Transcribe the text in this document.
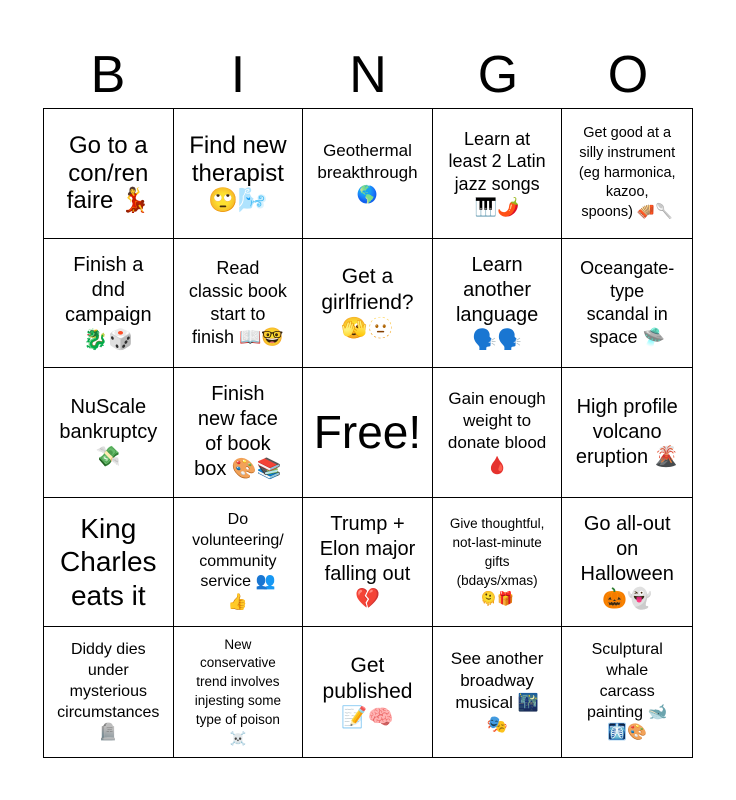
B	I	N	G	O
Go to a
con/ren
faire 💃
Find new
therapist
🙄🌬️
Geothermal
breakthrough
🌎
Learn at
least 2 Latin
jazz songs
🎹🌶️
Get good at a
silly instrument
(eg harmonica,
kazoo,
spoons) 🪗🥄
Finish a
dnd
campaign
🐉🎲
Read
classic book
start to
finish 📖🤓
Get a
girlfriend?
🫣🫥
Learn
another
language
🗣️🗣️
Oceangate-
type
scandal in
space 🛸
NuScale
bankruptcy
💸
Finish
new face
of book
box 🎨📚
Free!
Gain enough
weight to
donate blood
🩸
High profile
volcano
eruption 🌋
King
Charles
eats it
Do
volunteering/
community
service 👥
👍
Trump +
Elon major
falling out
💔
Give thoughtful,
not-last-minute
gifts
(bdays/xmas)
🫠🎁
Go all-out
on
Halloween
🎃👻
Diddy dies
under
mysterious
circumstances
🪦
New
conservative
trend involves
injesting some
type of poison
☠️
Get
published
📝🧠
See another
broadway
musical 🌃
🎭
Sculptural
whale
carcass
painting 🐋
🩻🎨
